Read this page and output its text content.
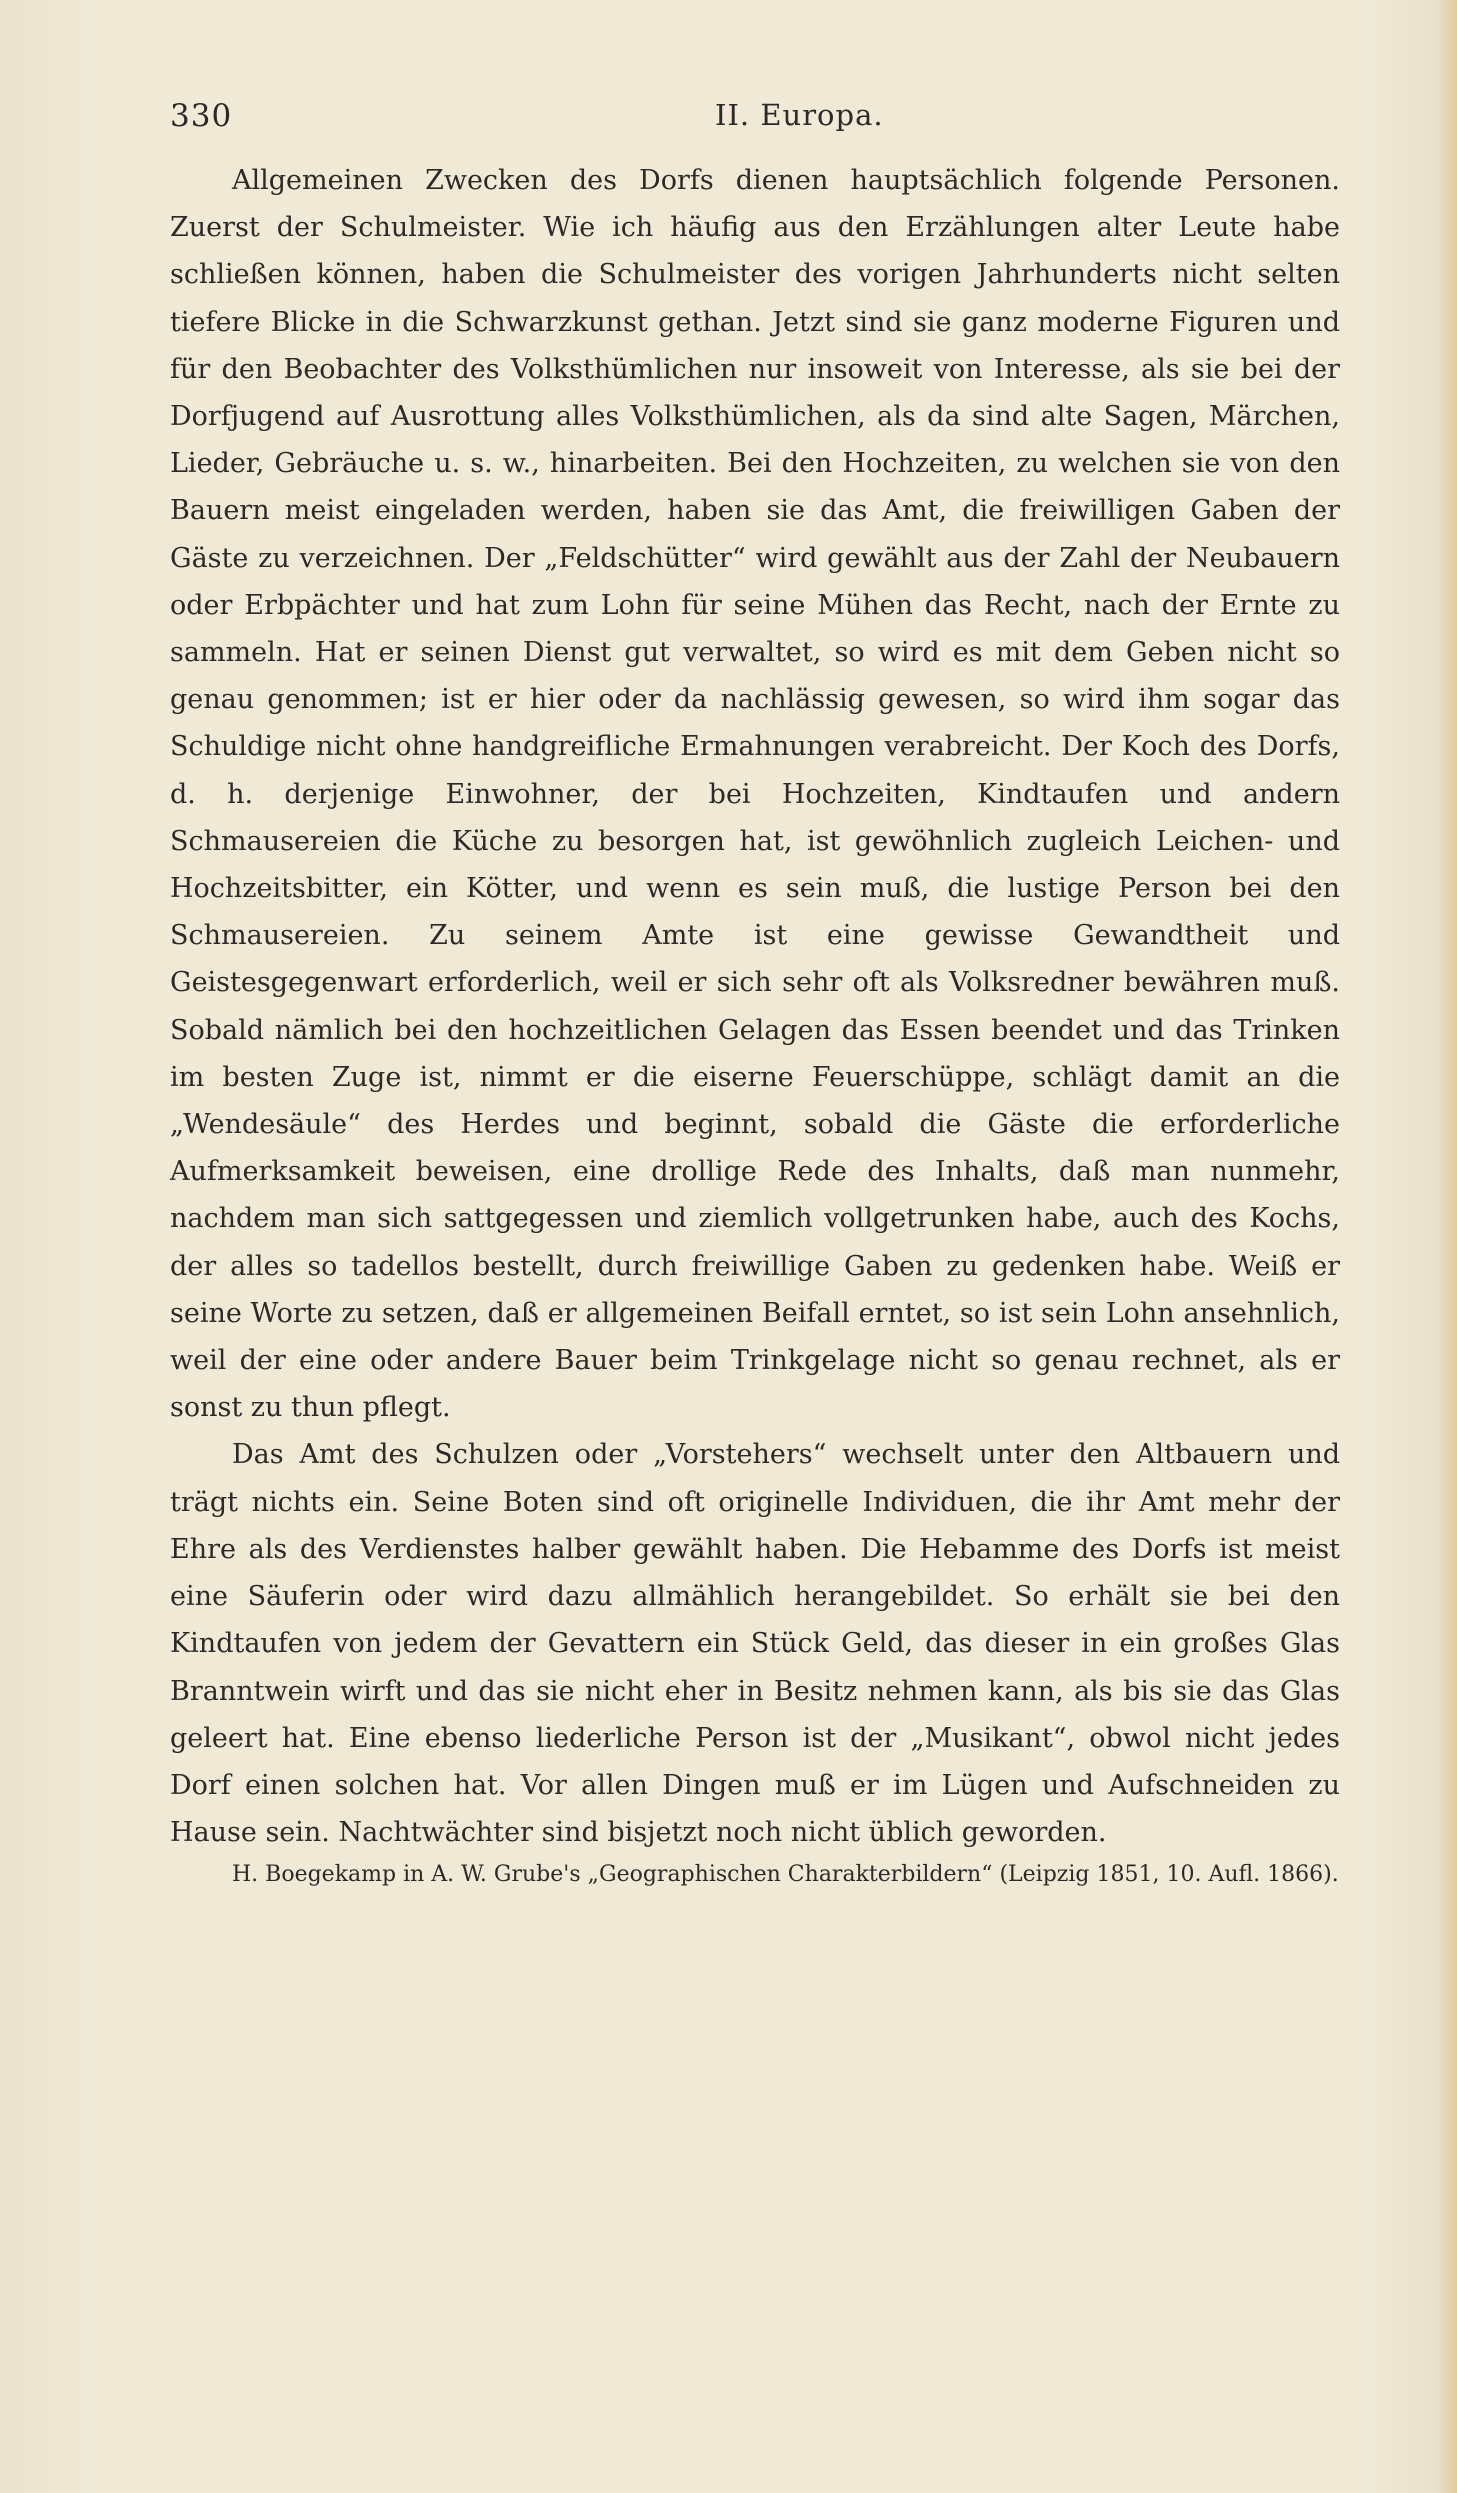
330	II. Europa.

Allgemeinen Zwecken des Dorfs dienen hauptsächlich folgende Personen. Zuerst der Schulmeister. Wie ich häufig aus den Erzählungen alter Leute habe schließen können, haben die Schulmeister des vorigen Jahrhunderts nicht selten tiefere Blicke in die Schwarzkunst gethan. Jetzt sind sie ganz moderne Figuren und für den Beobachter des Volksthümlichen nur insoweit von Interesse, als sie bei der Dorfjugend auf Ausrottung alles Volksthümlichen, als da sind alte Sagen, Märchen, Lieder, Gebräuche u. s. w., hinarbeiten. Bei den Hochzeiten, zu welchen sie von den Bauern meist eingeladen werden, haben sie das Amt, die freiwilligen Gaben der Gäste zu verzeichnen. Der „Feldschütter“ wird gewählt aus der Zahl der Neubauern oder Erbpächter und hat zum Lohn für seine Mühen das Recht, nach der Ernte zu sammeln. Hat er seinen Dienst gut verwaltet, so wird es mit dem Geben nicht so genau genommen; ist er hier oder da nachlässig gewesen, so wird ihm sogar das Schuldige nicht ohne handgreifliche Ermahnungen verabreicht. Der Koch des Dorfs, d. h. derjenige Einwohner, der bei Hochzeiten, Kindtaufen und andern Schmausereien die Küche zu besorgen hat, ist gewöhnlich zugleich Leichen- und Hochzeitsbitter, ein Kötter, und wenn es sein muß, die lustige Person bei den Schmausereien. Zu seinem Amte ist eine gewisse Gewandtheit und Geistesgegenwart erforderlich, weil er sich sehr oft als Volksredner bewähren muß. Sobald nämlich bei den hochzeitlichen Gelagen das Essen beendet und das Trinken im besten Zuge ist, nimmt er die eiserne Feuerschüppe, schlägt damit an die „Wendesäule“ des Herdes und beginnt, sobald die Gäste die erforderliche Aufmerksamkeit beweisen, eine drollige Rede des Inhalts, daß man nunmehr, nachdem man sich sattgegessen und ziemlich vollgetrunken habe, auch des Kochs, der alles so tadellos bestellt, durch freiwillige Gaben zu gedenken habe. Weiß er seine Worte zu setzen, daß er allgemeinen Beifall erntet, so ist sein Lohn ansehnlich, weil der eine oder andere Bauer beim Trinkgelage nicht so genau rechnet, als er sonst zu thun pflegt.

Das Amt des Schulzen oder „Vorstehers“ wechselt unter den Altbauern und trägt nichts ein. Seine Boten sind oft originelle Individuen, die ihr Amt mehr der Ehre als des Verdienstes halber gewählt haben. Die Hebamme des Dorfs ist meist eine Säuferin oder wird dazu allmählich herangebildet. So erhält sie bei den Kindtaufen von jedem der Gevattern ein Stück Geld, das dieser in ein großes Glas Branntwein wirft und das sie nicht eher in Besitz nehmen kann, als bis sie das Glas geleert hat. Eine ebenso liederliche Person ist der „Musikant“, obwol nicht jedes Dorf einen solchen hat. Vor allen Dingen muß er im Lügen und Aufschneiden zu Hause sein. Nachtwächter sind bisjetzt noch nicht üblich geworden.

H. Boegekamp in A. W. Grube's „Geographischen Charakterbildern“ (Leipzig 1851, 10. Aufl. 1866).
